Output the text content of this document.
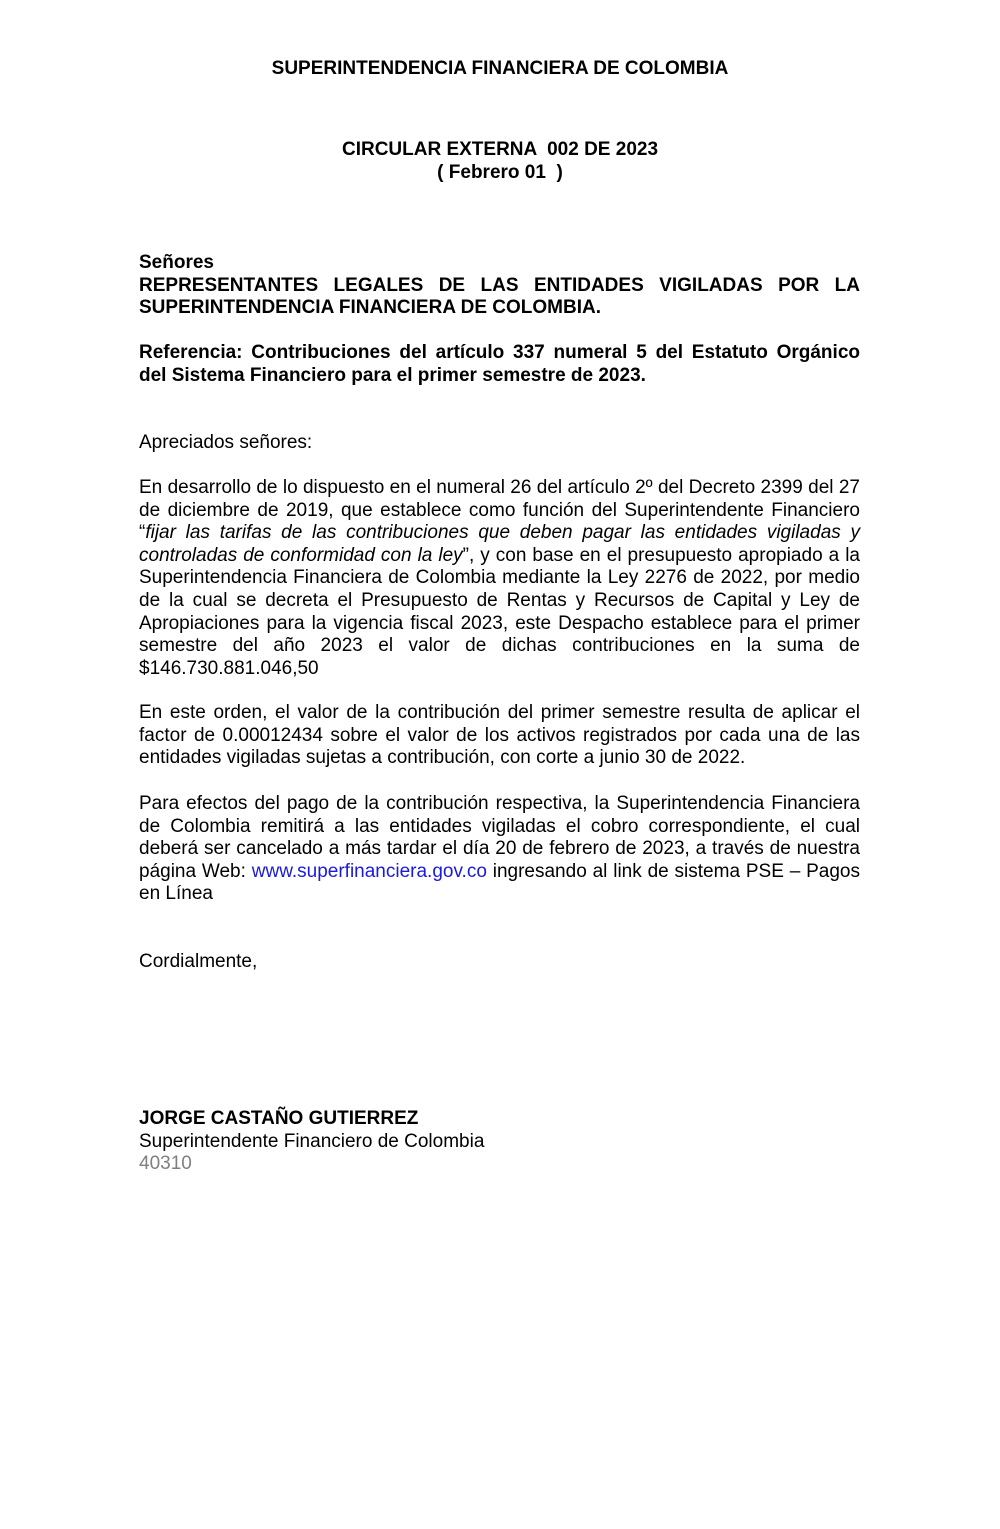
SUPERINTENDENCIA FINANCIERA DE COLOMBIA

CIRCULAR EXTERNA  002 DE 2023

( Febrero 01  )

Señores

REPRESENTANTES LEGALES DE LAS ENTIDADES VIGILADAS POR LA SUPERINTENDENCIA FINANCIERA DE COLOMBIA.

Referencia: Contribuciones del artículo 337 numeral 5 del Estatuto Orgánico del Sistema Financiero para el primer semestre de 2023.

Apreciados señores:

En desarrollo de lo dispuesto en el numeral 26 del artículo 2º del Decreto 2399 del 27 de diciembre de 2019, que establece como función del Superintendente Financiero “fijar las tarifas de las contribuciones que deben pagar las entidades vigiladas y controladas de conformidad con la ley”, y con base en el presupuesto apropiado a la Superintendencia Financiera de Colombia mediante la Ley 2276 de 2022, por medio de la cual se decreta el Presupuesto de Rentas y Recursos de Capital y Ley de Apropiaciones para la vigencia fiscal 2023, este Despacho establece para el primer semestre del año 2023 el valor de dichas contribuciones en la suma de $146.730.881.046,50

En este orden, el valor de la contribución del primer semestre resulta de aplicar el factor de 0.00012434 sobre el valor de los activos registrados por cada una de las entidades vigiladas sujetas a contribución, con corte a junio 30 de 2022.

Para efectos del pago de la contribución respectiva, la Superintendencia Financiera de Colombia remitirá a las entidades vigiladas el cobro correspondiente, el cual deberá ser cancelado a más tardar el día 20 de febrero de 2023, a través de nuestra página Web: www.superfinanciera.gov.co ingresando al link de sistema PSE – Pagos en Línea

Cordialmente,

JORGE CASTAÑO GUTIERREZ

Superintendente Financiero de Colombia

40310
